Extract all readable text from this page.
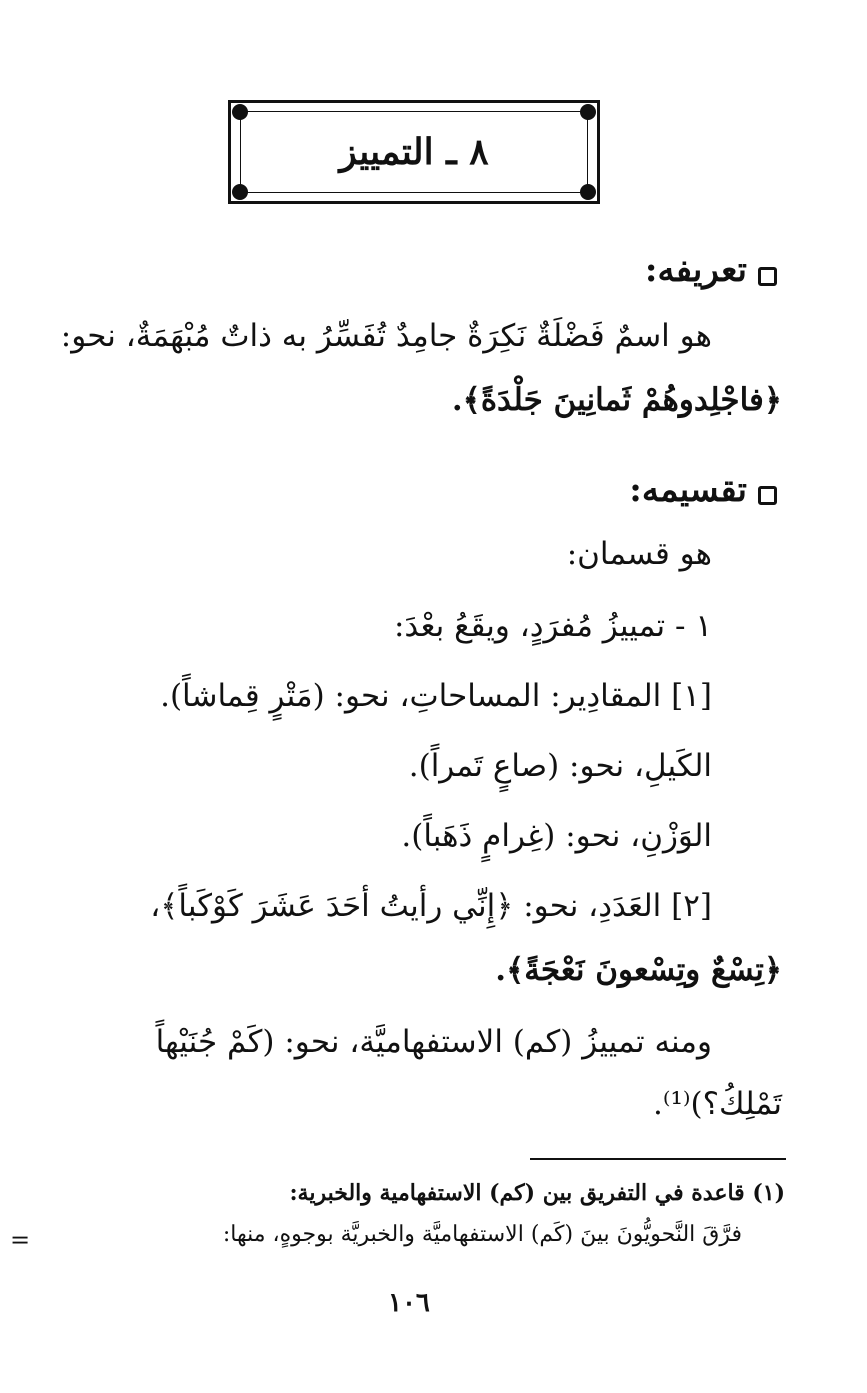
٨ ـ التمييز
تعريفه:
هو اسمٌ فَضْلَةٌ نَكِرَةٌ جامِدٌ تُفَسِّرُ به ذاتٌ مُبْهَمَةٌ، نحو:
﴿فاجْلِدوهُمْ ثَمانِينَ جَلْدَةً﴾.
تقسيمه:
هو قسمان:
١ - تمييزُ مُفرَدٍ، ويقَعُ بعْدَ:
[١] المقادِير: المساحاتِ، نحو: (مَتْرٍ قِماشاً).
الكَيلِ، نحو: (صاعٍ تَمراً).
الوَزْنِ، نحو: (غِرامٍ ذَهَباً).
[٢] العَدَدِ، نحو: ﴿إِنِّي رأيتُ أحَدَ عَشَرَ كَوْكَباً﴾،
﴿تِسْعٌ وتِسْعونَ نَعْجَةً﴾.
ومنه تمييزُ (كم) الاستفهاميَّة، نحو: (كَمْ جُنَيْهاً
تَمْلِكُ؟)⁽¹⁾.
(١) قاعدة في التفريق بين (كم) الاستفهامية والخبرية:
فرَّقَ النَّحويُّونَ بينَ (كَم) الاستفهاميَّة والخبريَّة بوجوهٍ، منها:
=
١٠٦
